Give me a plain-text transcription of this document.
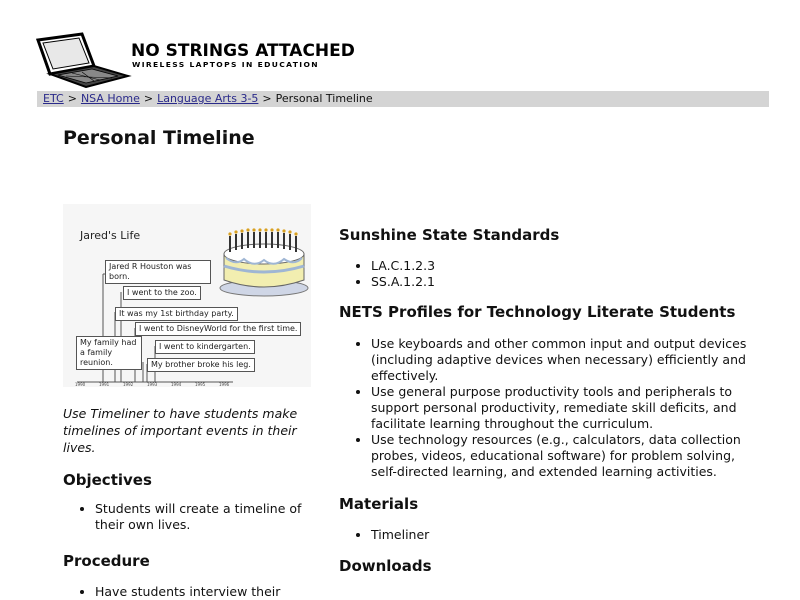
NO STRINGS ATTACHED
WIRELESS LAPTOPS IN EDUCATION
ETC > NSA Home > Language Arts 3-5 > Personal Timeline
Personal Timeline
Jared's Life
Jared R Houston was born.
I went to the zoo.
It was my 1st birthday party.
I went to DisneyWorld for the first time.
My family had a family reunion.
I went to kindergarten.
My brother broke his leg.
1990	1991	1992	1993	1994	1995	1996

Use Timeliner to have students make timelines of important events in their lives.

Objectives
• Students will create a timeline of their own lives.
Procedure
• Have students interview their
Sunshine State Standards
• LA.C.1.2.3
• SS.A.1.2.1
NETS Profiles for Technology Literate Students
• Use keyboards and other common input and output devices (including adaptive devices when necessary) efficiently and effectively.
• Use general purpose productivity tools and peripherals to support personal productivity, remediate skill deficits, and facilitate learning throughout the curriculum.
• Use technology resources (e.g., calculators, data collection probes, videos, educational software) for problem solving, self-directed learning, and extended learning activities.
Materials
• Timeliner
Downloads
